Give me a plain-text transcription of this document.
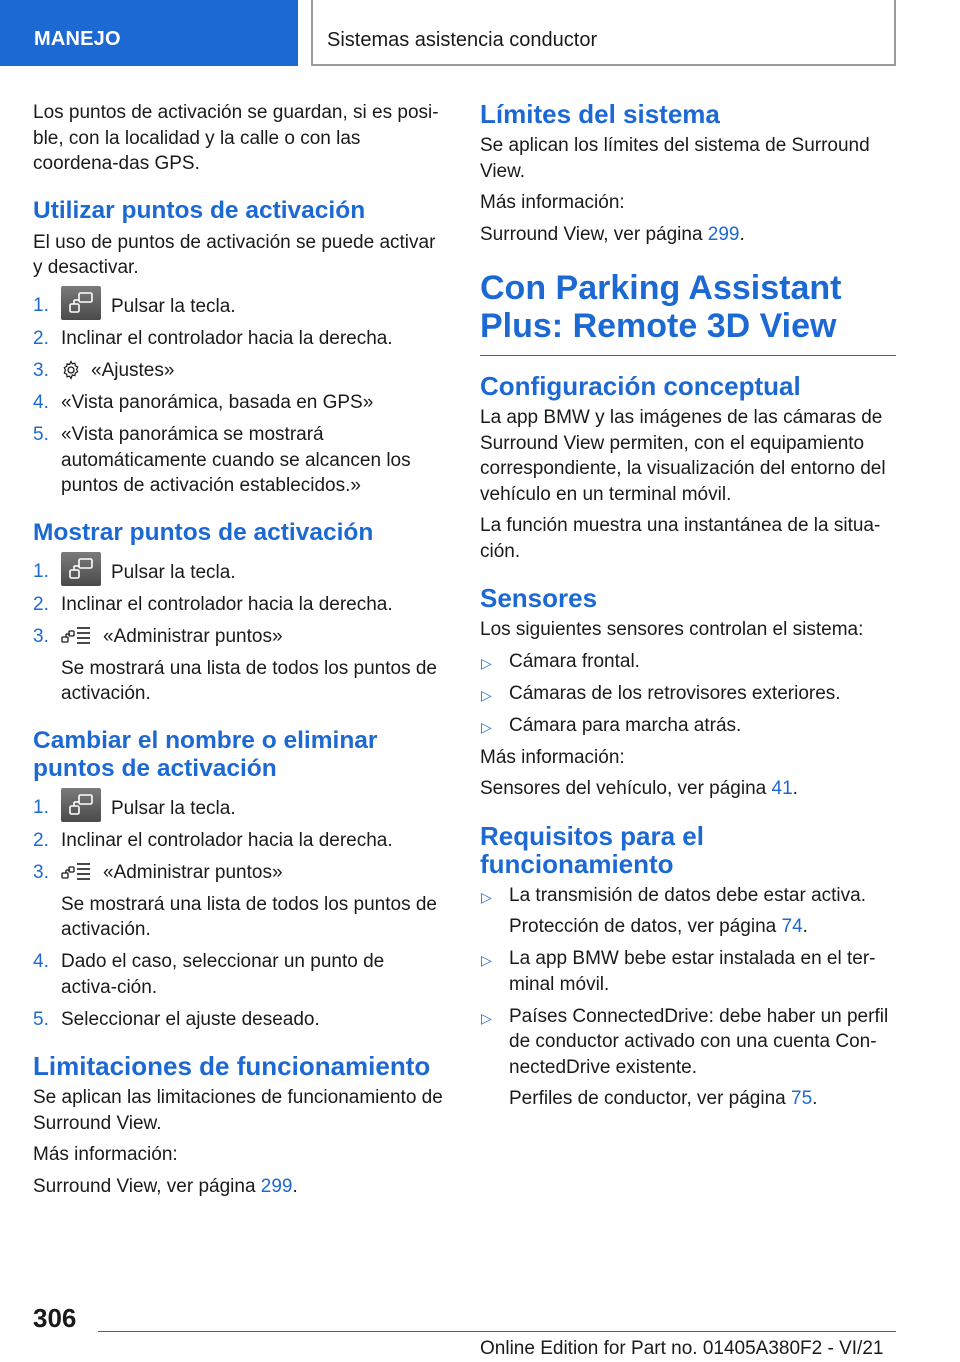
MANEJO	Sistemas asistencia conductor

Los puntos de activación se guardan, si es posi-ble, con la localidad y la calle o con las coordena-das GPS.

Utilizar puntos de activación

El uso de puntos de activación se puede activar y desactivar.

1.	Pulsar la tecla.
2. Inclinar el controlador hacia la derecha.
3. «Ajustes»
4. «Vista panorámica, basada en GPS»
5. «Vista panorámica se mostrará automáticamente cuando se alcancen los puntos de activación establecidos.»
Mostrar puntos de activación
1.	Pulsar la tecla.
2. Inclinar el controlador hacia la derecha.
3.	«Administrar puntos»
Se mostrará una lista de todos los puntos de activación.
Cambiar el nombre o eliminar puntos de activación
1.	Pulsar la tecla.
2. Inclinar el controlador hacia la derecha.
3.	«Administrar puntos»
Se mostrará una lista de todos los puntos de activación.
4. Dado el caso, seleccionar un punto de activa-ción.
5. Seleccionar el ajuste deseado.
Limitaciones de funcionamiento

Se aplican las limitaciones de funcionamiento de Surround View.

Más información:

Surround View, ver página 299.

Límites del sistema

Se aplican los límites del sistema de Surround View.

Más información:

Surround View, ver página 299.

Con Parking Assistant Plus: Remote 3D View
Configuración conceptual

La app BMW y las imágenes de las cámaras de Surround View permiten, con el equipamiento correspondiente, la visualización del entorno del vehículo en un terminal móvil.

La función muestra una instantánea de la situa-ción.

Sensores

Los siguientes sensores controlan el sistema:

▷ Cámara frontal.
▷ Cámaras de los retrovisores exteriores.
▷ Cámara para marcha atrás.

Más información:

Sensores del vehículo, ver página 41.

Requisitos para el funcionamiento
▷ La transmisión de datos debe estar activa.
Protección de datos, ver página 74.
▷ La app BMW bebe estar instalada en el ter-minal móvil.
▷ Países ConnectedDrive: debe haber un perfil de conductor activado con una cuenta Con-nectedDrive existente.
Perfiles de conductor, ver página 75.
306
Online Edition for Part no. 01405A380F2 - VI/21
